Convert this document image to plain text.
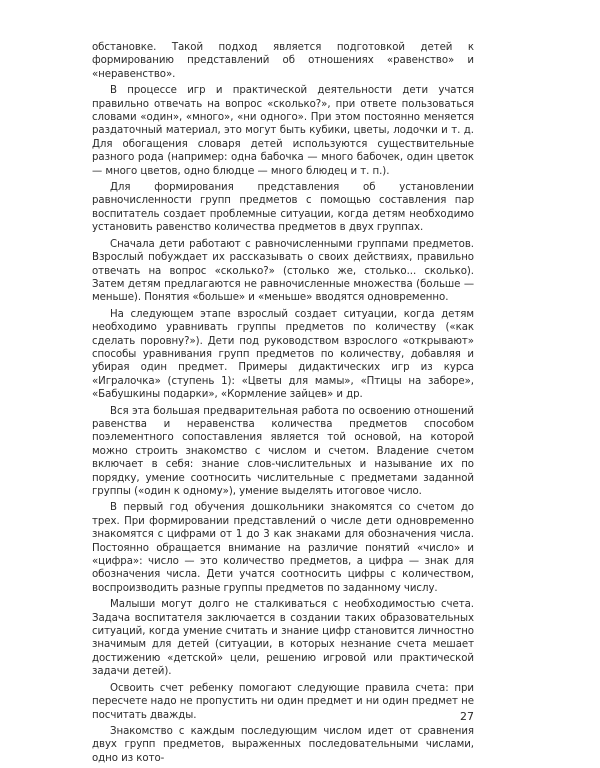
обстановке. Такой подход является подготовкой детей к формированию представлений об отношениях «равенство» и «неравенство».

В процессе игр и практической деятельности дети учатся правильно отвечать на вопрос «сколько?», при ответе пользоваться словами «один», «много», «ни одного». При этом постоянно меняется раздаточный материал, это могут быть кубики, цветы, лодочки и т. д. Для обогащения словаря детей используются существительные разного рода (например: одна бабочка — много бабочек, один цветок — много цветов, одно блюдце — много блюдец и т. п.).

Для формирования представления об установлении равночисленности групп предметов с помощью составления пар воспитатель создает проблемные ситуации, когда детям необходимо установить равенство количества предметов в двух группах.

Сначала дети работают с равночисленными группами предметов. Взрослый побуждает их рассказывать о своих действиях, правильно отвечать на вопрос «сколько?» (столько же, столько... сколько). Затем детям предлагаются не равночисленные множества (больше — меньше). Понятия «больше» и «меньше» вводятся одновременно.

На следующем этапе взрослый создает ситуации, когда детям необходимо уравнивать группы предметов по количеству («как сделать поровну?»). Дети под руководством взрослого «открывают» способы уравнивания групп предметов по количеству, добавляя и убирая один предмет. Примеры дидактических игр из курса «Игралочка» (ступень 1): «Цветы для мамы», «Птицы на заборе», «Бабушкины подарки», «Кормление зайцев» и др.

Вся эта большая предварительная работа по освоению отношений равенства и неравенства количества предметов способом поэлементного сопоставления является той основой, на которой можно строить знакомство с числом и счетом. Владение счетом включает в себя: знание слов-числительных и называние их по порядку, умение соотносить числительные с предметами заданной группы («один к одному»), умение выделять итоговое число.

В первый год обучения дошкольники знакомятся со счетом до трех. При формировании представлений о числе дети одновременно знакомятся с цифрами от 1 до 3 как знаками для обозначения числа. Постоянно обращается внимание на различие понятий «число» и «цифра»: число — это количество предметов, а цифра — знак для обозначения числа. Дети учатся соотносить цифры с количеством, воспроизводить разные группы предметов по заданному числу.

Малыши могут долго не сталкиваться с необходимостью счета. Задача воспитателя заключается в создании таких образовательных ситуаций, когда умение считать и знание цифр становится личностно значимым для детей (ситуации, в которых незнание счета мешает достижению «детской» цели, решению игровой или практической задачи детей).

Освоить счет ребенку помогают следующие правила счета: при пересчете надо не пропустить ни один предмет и ни один предмет не посчитать дважды.

Знакомство с каждым последующим числом идет от сравнения двух групп предметов, выраженных последовательными числами, одно из кото-

27
